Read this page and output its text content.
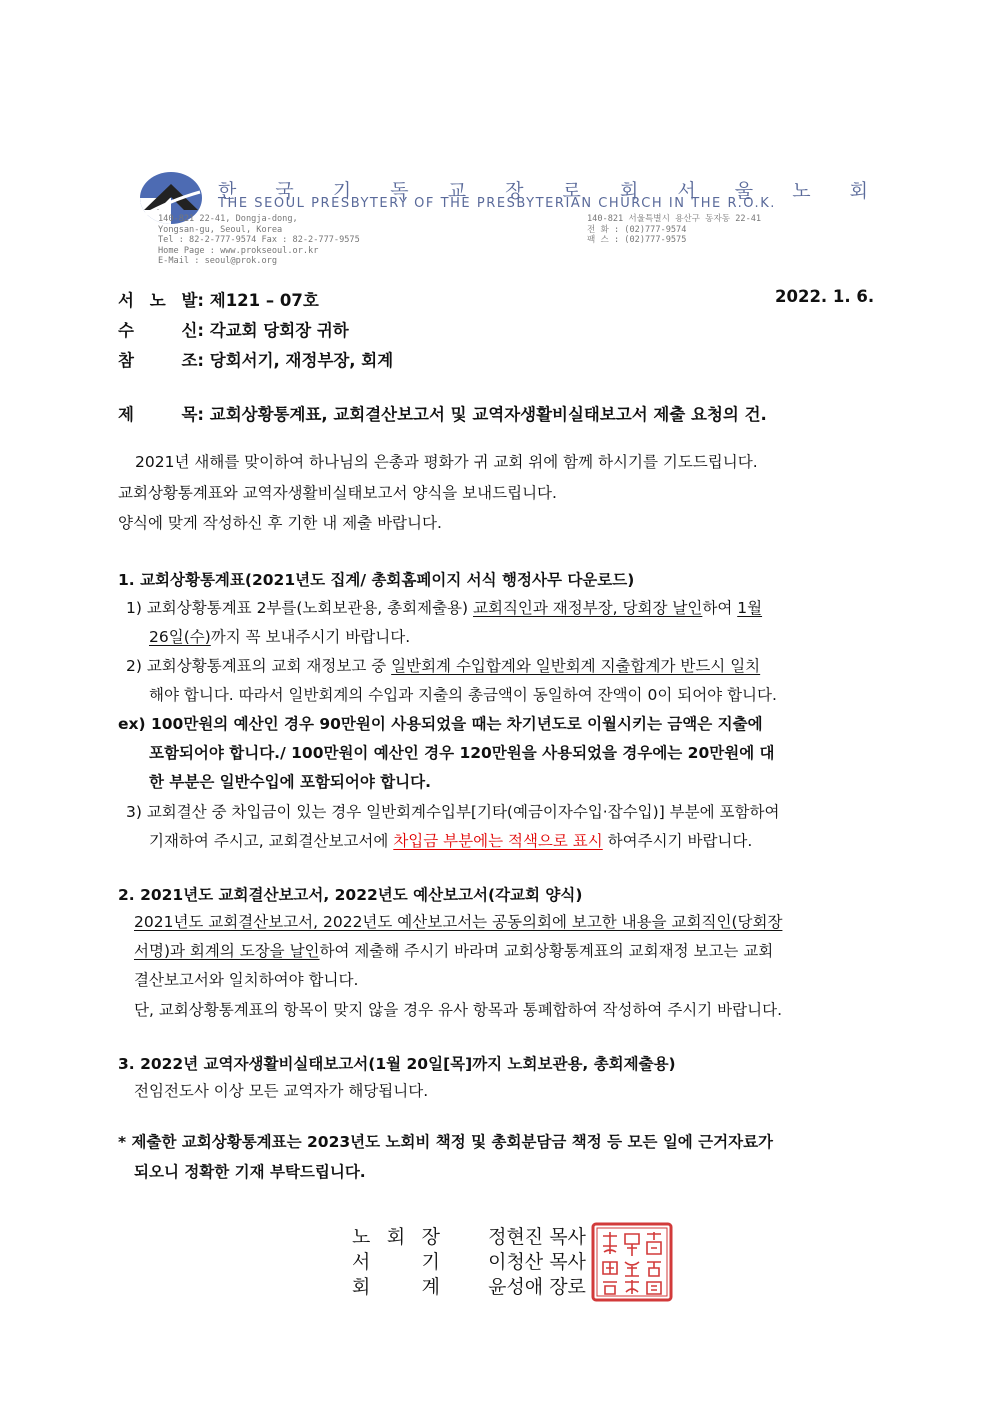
한 국 기 독 교 장 로 회 서 울 노 회
THE SEOUL PRESBYTERY OF THE PRESBYTERIAN CHURCH IN THE R.O.K.
140-821 22-41, Dongja-dong,
Yongsan-gu, Seoul, Korea
Tel : 82-2-777-9574 Fax : 82-2-777-9575
Home Page : www.prokseoul.or.kr
E-Mail : seoul@prok.org
140-821 서울특별시 용산구 동자동 22-41
전 화 : (02)777-9574
팩 스 : (02)777-9575
서 노 발: 제121 – 07호	2022. 1. 6.
수	신: 각교회 당회장 귀하
참	조: 당회서기, 재정부장, 회계
제	목: 교회상황통계표, 교회결산보고서 및 교역자생활비실태보고서 제출 요청의 건.
2021년 새해를 맞이하여 하나님의 은총과 평화가 귀 교회 위에 함께 하시기를 기도드립니다.
교회상황통계표와 교역자생활비실태보고서 양식을 보내드립니다.
양식에 맞게 작성하신 후 기한 내 제출 바랍니다.
1. 교회상황통계표(2021년도 집계/ 총회홈페이지 서식 행정사무 다운로드)
1) 교회상황통계표 2부를(노회보관용, 총회제출용) 교회직인과 재정부장, 당회장 날인하여 1월
26일(수)까지 꼭 보내주시기 바랍니다.
2) 교회상황통계표의 교회 재정보고 중 일반회계 수입합계와 일반회계 지출합계가 반드시 일치
해야 합니다. 따라서 일반회계의 수입과 지출의 총금액이 동일하여 잔액이 0이 되어야 합니다.
ex) 100만원의 예산인 경우 90만원이 사용되었을 때는 차기년도로 이월시키는 금액은 지출에
포함되어야 합니다./ 100만원이 예산인 경우 120만원을 사용되었을 경우에는 20만원에 대
한 부분은 일반수입에 포함되어야 합니다.
3) 교회결산 중 차입금이 있는 경우 일반회계수입부[기타(예금이자수입·잡수입)] 부분에 포함하여
기재하여 주시고, 교회결산보고서에 차입금 부분에는 적색으로 표시 하여주시기 바랍니다.
2. 2021년도 교회결산보고서, 2022년도 예산보고서(각교회 양식)
2021년도 교회결산보고서, 2022년도 예산보고서는 공동의회에 보고한 내용을 교회직인(당회장
서명)과 회계의 도장을 날인하여 제출해 주시기 바라며 교회상황통계표의 교회재정 보고는 교회
결산보고서와 일치하여야 합니다.
단, 교회상황통계표의 항목이 맞지 않을 경우 유사 항목과 통폐합하여 작성하여 주시기 바랍니다.
3. 2022년 교역자생활비실태보고서(1월 20일[목]까지 노회보관용, 총회제출용)
전임전도사 이상 모든 교역자가 해당됩니다.
* 제출한 교회상황통계표는 2023년도 노회비 책정 및 총회분담금 책정 등 모든 일에 근거자료가
되오니 정확한 기재 부탁드립니다.
노 회 장	정현진 목사
서	기	이청산 목사
회	계	윤성애 장로
